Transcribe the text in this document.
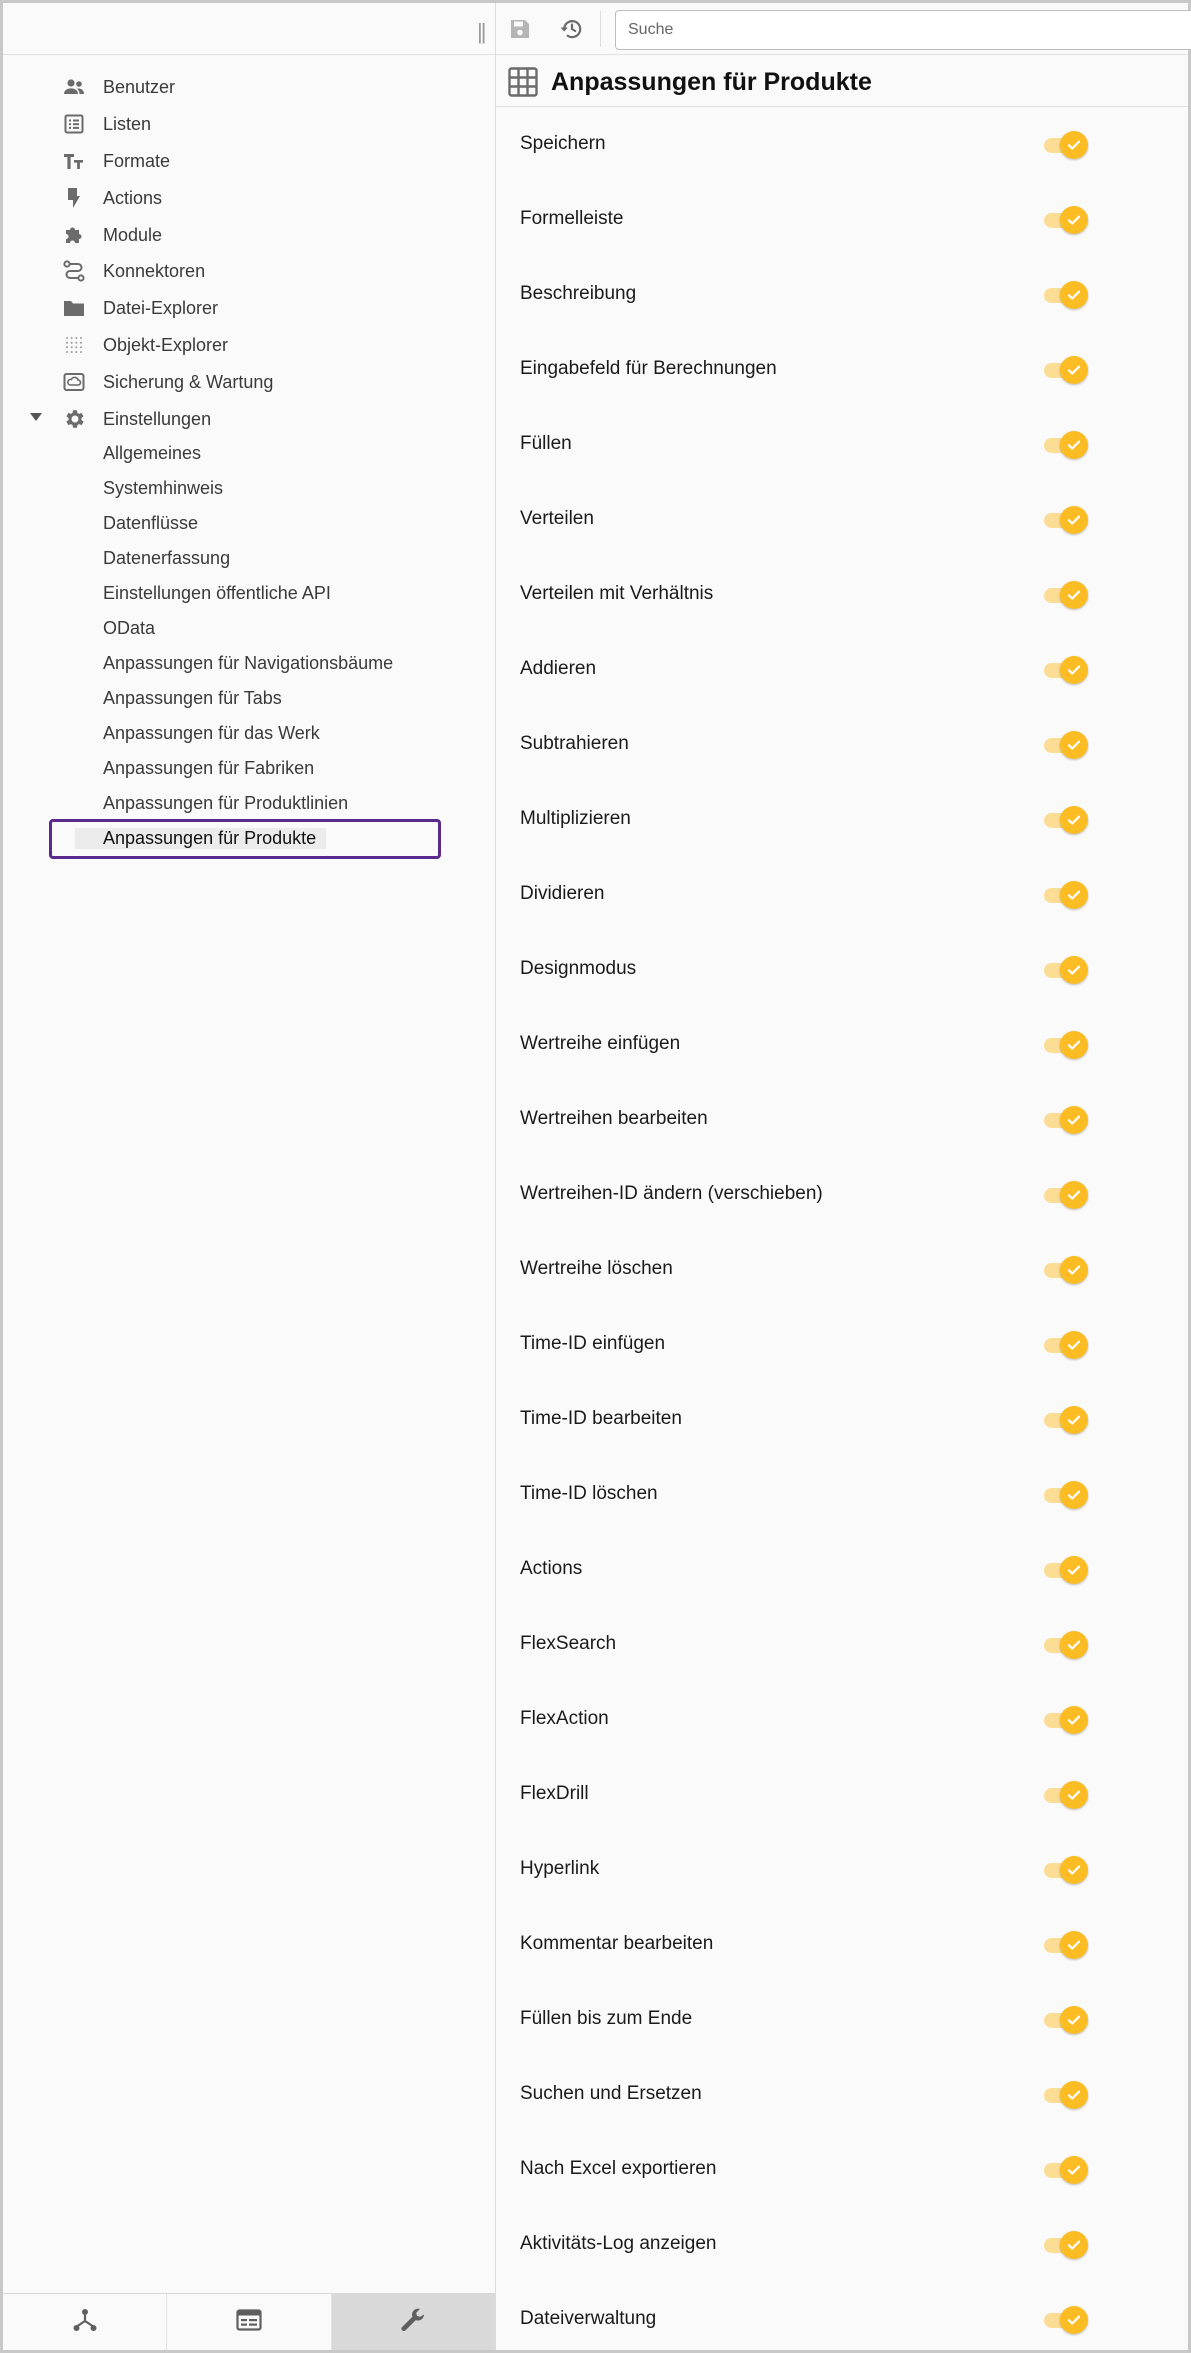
||
Benutzer
Listen
Formate
Actions
Module
Konnektoren
Datei-Explorer
Objekt-Explorer
Sicherung & Wartung
Einstellungen
Allgemeines
Systemhinweis
Datenflüsse
Datenerfassung
Einstellungen öffentliche API
OData
Anpassungen für Navigationsbäume
Anpassungen für Tabs
Anpassungen für das Werk
Anpassungen für Fabriken
Anpassungen für Produktlinien
Anpassungen für Produkte
Suche
Anpassungen für Produkte
Speichern
Formelleiste
Beschreibung
Eingabefeld für Berechnungen
Füllen
Verteilen
Verteilen mit Verhältnis
Addieren
Subtrahieren
Multiplizieren
Dividieren
Designmodus
Wertreihe einfügen
Wertreihen bearbeiten
Wertreihen-ID ändern (verschieben)
Wertreihe löschen
Time-ID einfügen
Time-ID bearbeiten
Time-ID löschen
Actions
FlexSearch
FlexAction
FlexDrill
Hyperlink
Kommentar bearbeiten
Füllen bis zum Ende
Suchen und Ersetzen
Nach Excel exportieren
Aktivitäts-Log anzeigen
Dateiverwaltung
